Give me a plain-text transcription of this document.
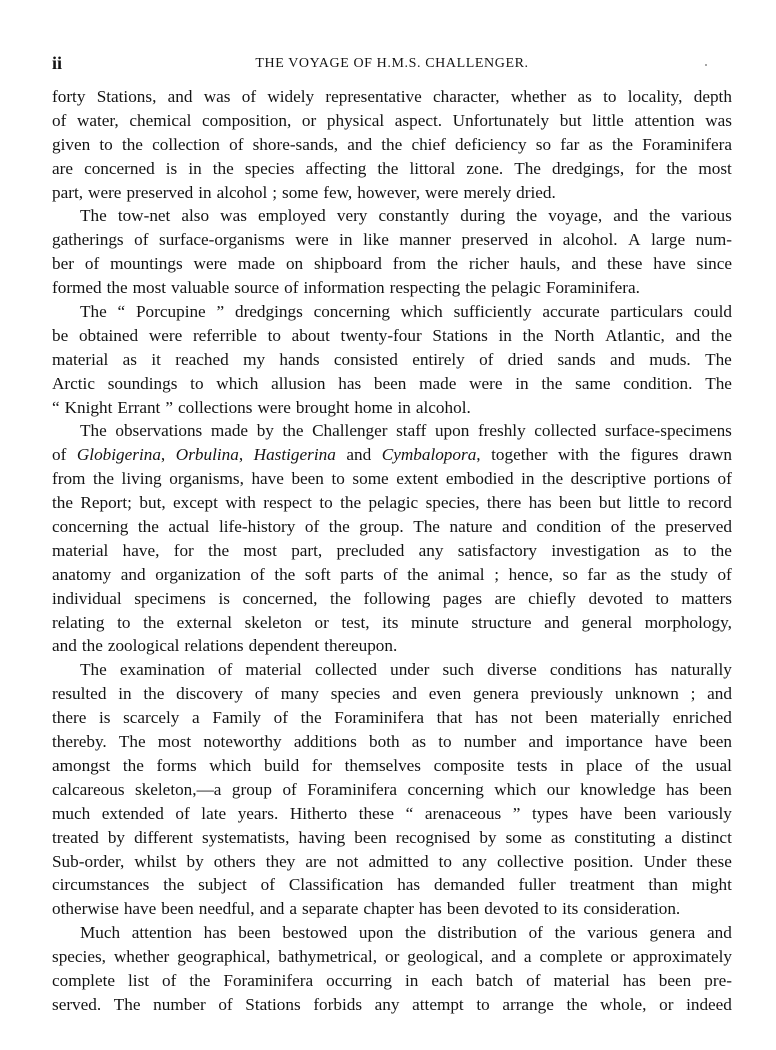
ii	THE VOYAGE OF H.M.S. CHALLENGER.
forty Stations, and was of widely representative character, whether as to locality, depth
of water, chemical composition, or physical aspect. Unfortunately but little attention was
given to the collection of shore-sands, and the chief deficiency so far as the Foraminifera
are concerned is in the species affecting the littoral zone. The dredgings, for the most
part, were preserved in alcohol ; some few, however, were merely dried.
The tow-net also was employed very constantly during the voyage, and the various
gatherings of surface-organisms were in like manner preserved in alcohol. A large num-
ber of mountings were made on shipboard from the richer hauls, and these have since
formed the most valuable source of information respecting the pelagic Foraminifera.
The “ Porcupine ” dredgings concerning which sufficiently accurate particulars could
be obtained were referrible to about twenty-four Stations in the North Atlantic, and the
material as it reached my hands consisted entirely of dried sands and muds. The
Arctic soundings to which allusion has been made were in the same condition. The
“ Knight Errant ” collections were brought home in alcohol.
The observations made by the Challenger staff upon freshly collected surface-specimens
of Globigerina, Orbulina, Hastigerina and Cymbalopora, together with the figures drawn
from the living organisms, have been to some extent embodied in the descriptive portions of
the Report; but, except with respect to the pelagic species, there has been but little to record
concerning the actual life-history of the group. The nature and condition of the preserved
material have, for the most part, precluded any satisfactory investigation as to the
anatomy and organization of the soft parts of the animal ; hence, so far as the study of
individual specimens is concerned, the following pages are chiefly devoted to matters
relating to the external skeleton or test, its minute structure and general morphology,
and the zoological relations dependent thereupon.
The examination of material collected under such diverse conditions has naturally
resulted in the discovery of many species and even genera previously unknown ; and
there is scarcely a Family of the Foraminifera that has not been materially enriched
thereby. The most noteworthy additions both as to number and importance have been
amongst the forms which build for themselves composite tests in place of the usual
calcareous skeleton,—a group of Foraminifera concerning which our knowledge has been
much extended of late years. Hitherto these “ arenaceous ” types have been variously
treated by different systematists, having been recognised by some as constituting a distinct
Sub-order, whilst by others they are not admitted to any collective position. Under these
circumstances the subject of Classification has demanded fuller treatment than might
otherwise have been needful, and a separate chapter has been devoted to its consideration.
Much attention has been bestowed upon the distribution of the various genera and
species, whether geographical, bathymetrical, or geological, and a complete or approximately
complete list of the Foraminifera occurring in each batch of material has been pre-
served. The number of Stations forbids any attempt to arrange the whole, or indeed
